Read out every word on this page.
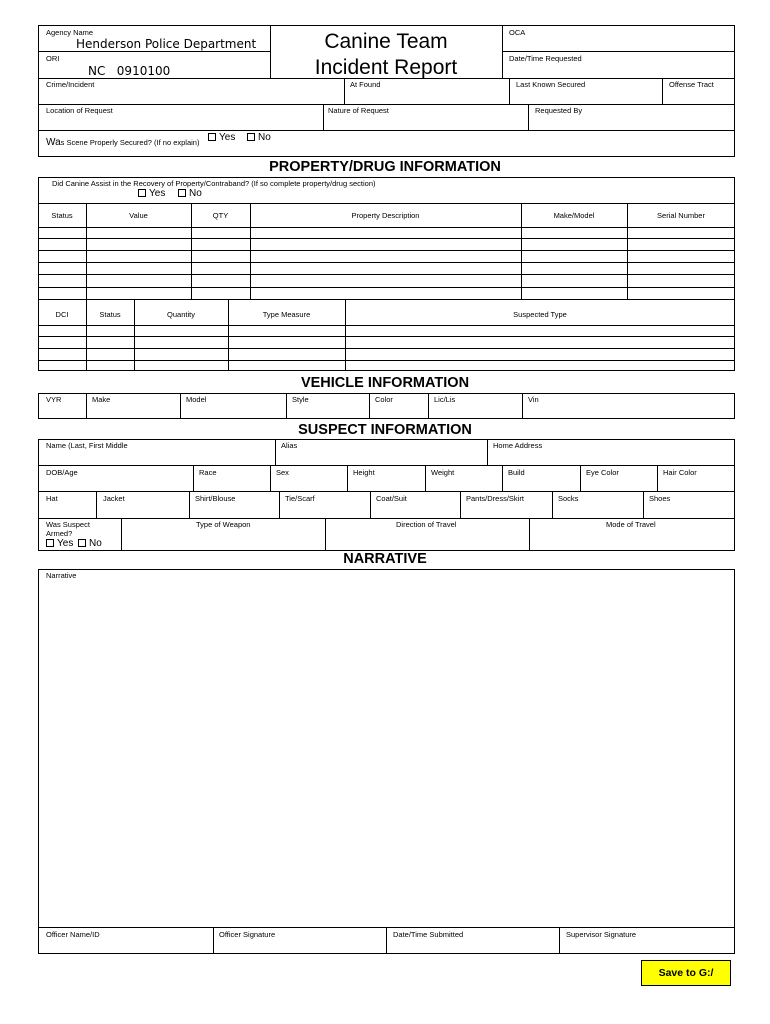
Agency Name
Henderson Police Department
ORI
NC   0910100
Canine Team
Incident Report
OCA
Date/Time Requested
Crime/Incident	At Found	Last Known Secured	Offense Tract
Location of Request	Nature of Request	Requested By
Was Scene Properly Secured? (If no explain)	Yes	No
PROPERTY/DRUG INFORMATION
Did Canine Assist in the Recovery of Property/Contraband? (If so complete property/drug section)
Yes	No
Status	Value	QTY	Property Description	Make/Model	Serial Number
DCI	Status	Quantity	Type Measure	Suspected Type
VEHICLE INFORMATION
VYR	Make	Model	Style	Color	Lic/Lis	Vin
SUSPECT INFORMATION
Name (Last, First Middle	Alias	Home Address
DOB/Age	Race	Sex	Height	Weight	Build	Eye Color	Hair Color
Hat	Jacket	Shirt/Blouse	Tie/Scarf	Coat/Suit	Pants/Dress/Skirt	Socks	Shoes
Was Suspect
Armed?
Yes	No
Type of Weapon	Direction of Travel	Mode of Travel
NARRATIVE
Narrative
Officer Name/ID	Officer Signature	Date/Time Submitted	Supervisor Signature
Save to G:/
